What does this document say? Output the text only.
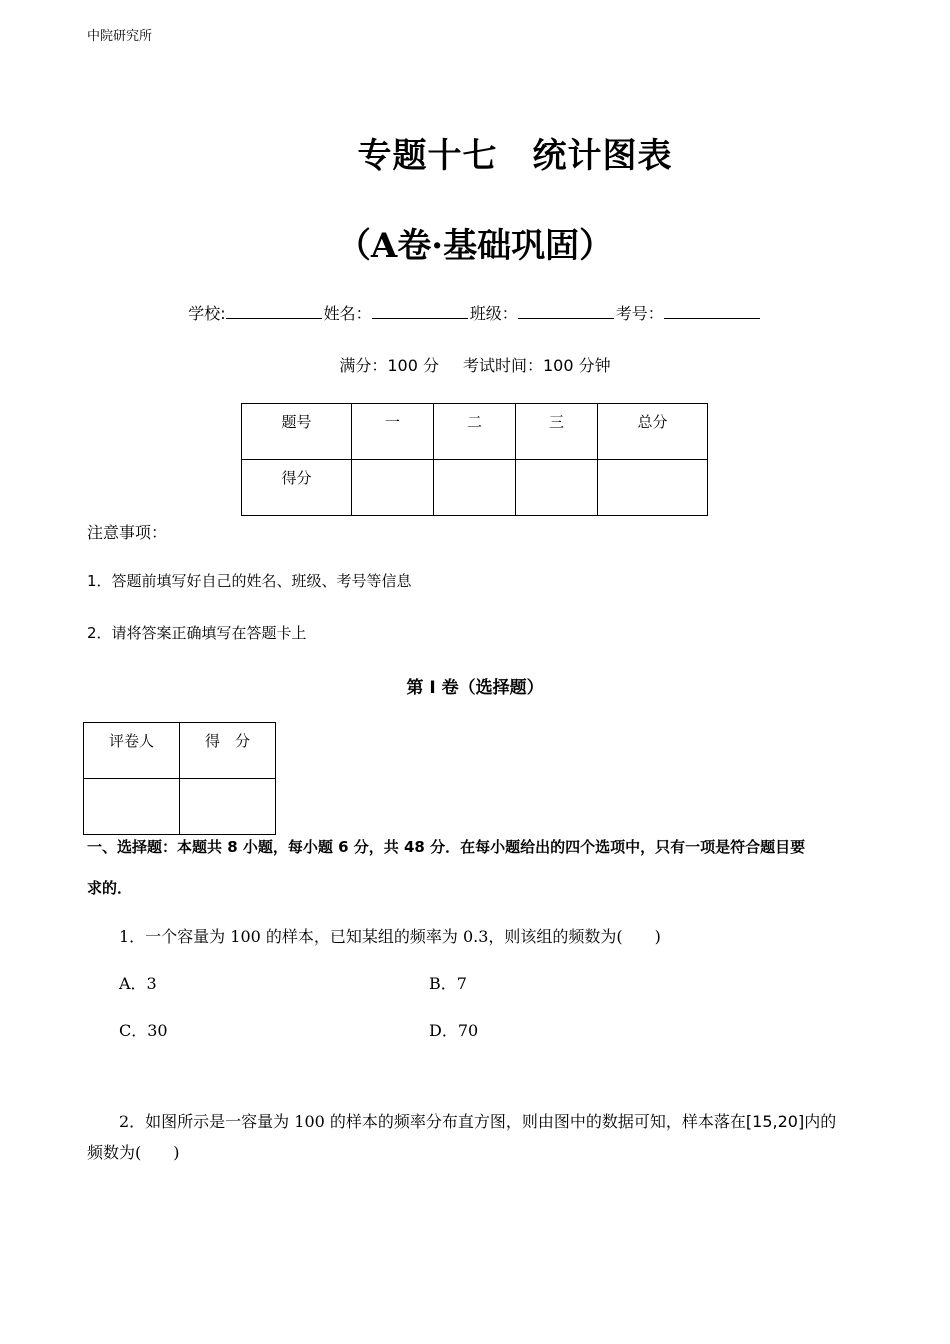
中院研究所
专题十七　统计图表
（A卷·基础巩固）
学校:	姓名：	班级：	考号：
满分：100 分 考试时间：100 分钟
题号	一	二	三	总分
得分				
注意事项：
1．答题前填写好自己的姓名、班级、考号等信息
2．请将答案正确填写在答题卡上
第 I 卷（选择题）
评卷人	得　分

一、选择题：本题共 8 小题，每小题 6 分，共 48 分．在每小题给出的四个选项中，只有一项是符合题目要
求的．
1．一个容量为 100 的样本，已知某组的频率为 0.3，则该组的频数为(　　)
A．3	B．7
C．30	D．70
2．如图所示是一容量为 100 的样本的频率分布直方图，则由图中的数据可知，样本落在[15,20]内的
频数为(　　)
